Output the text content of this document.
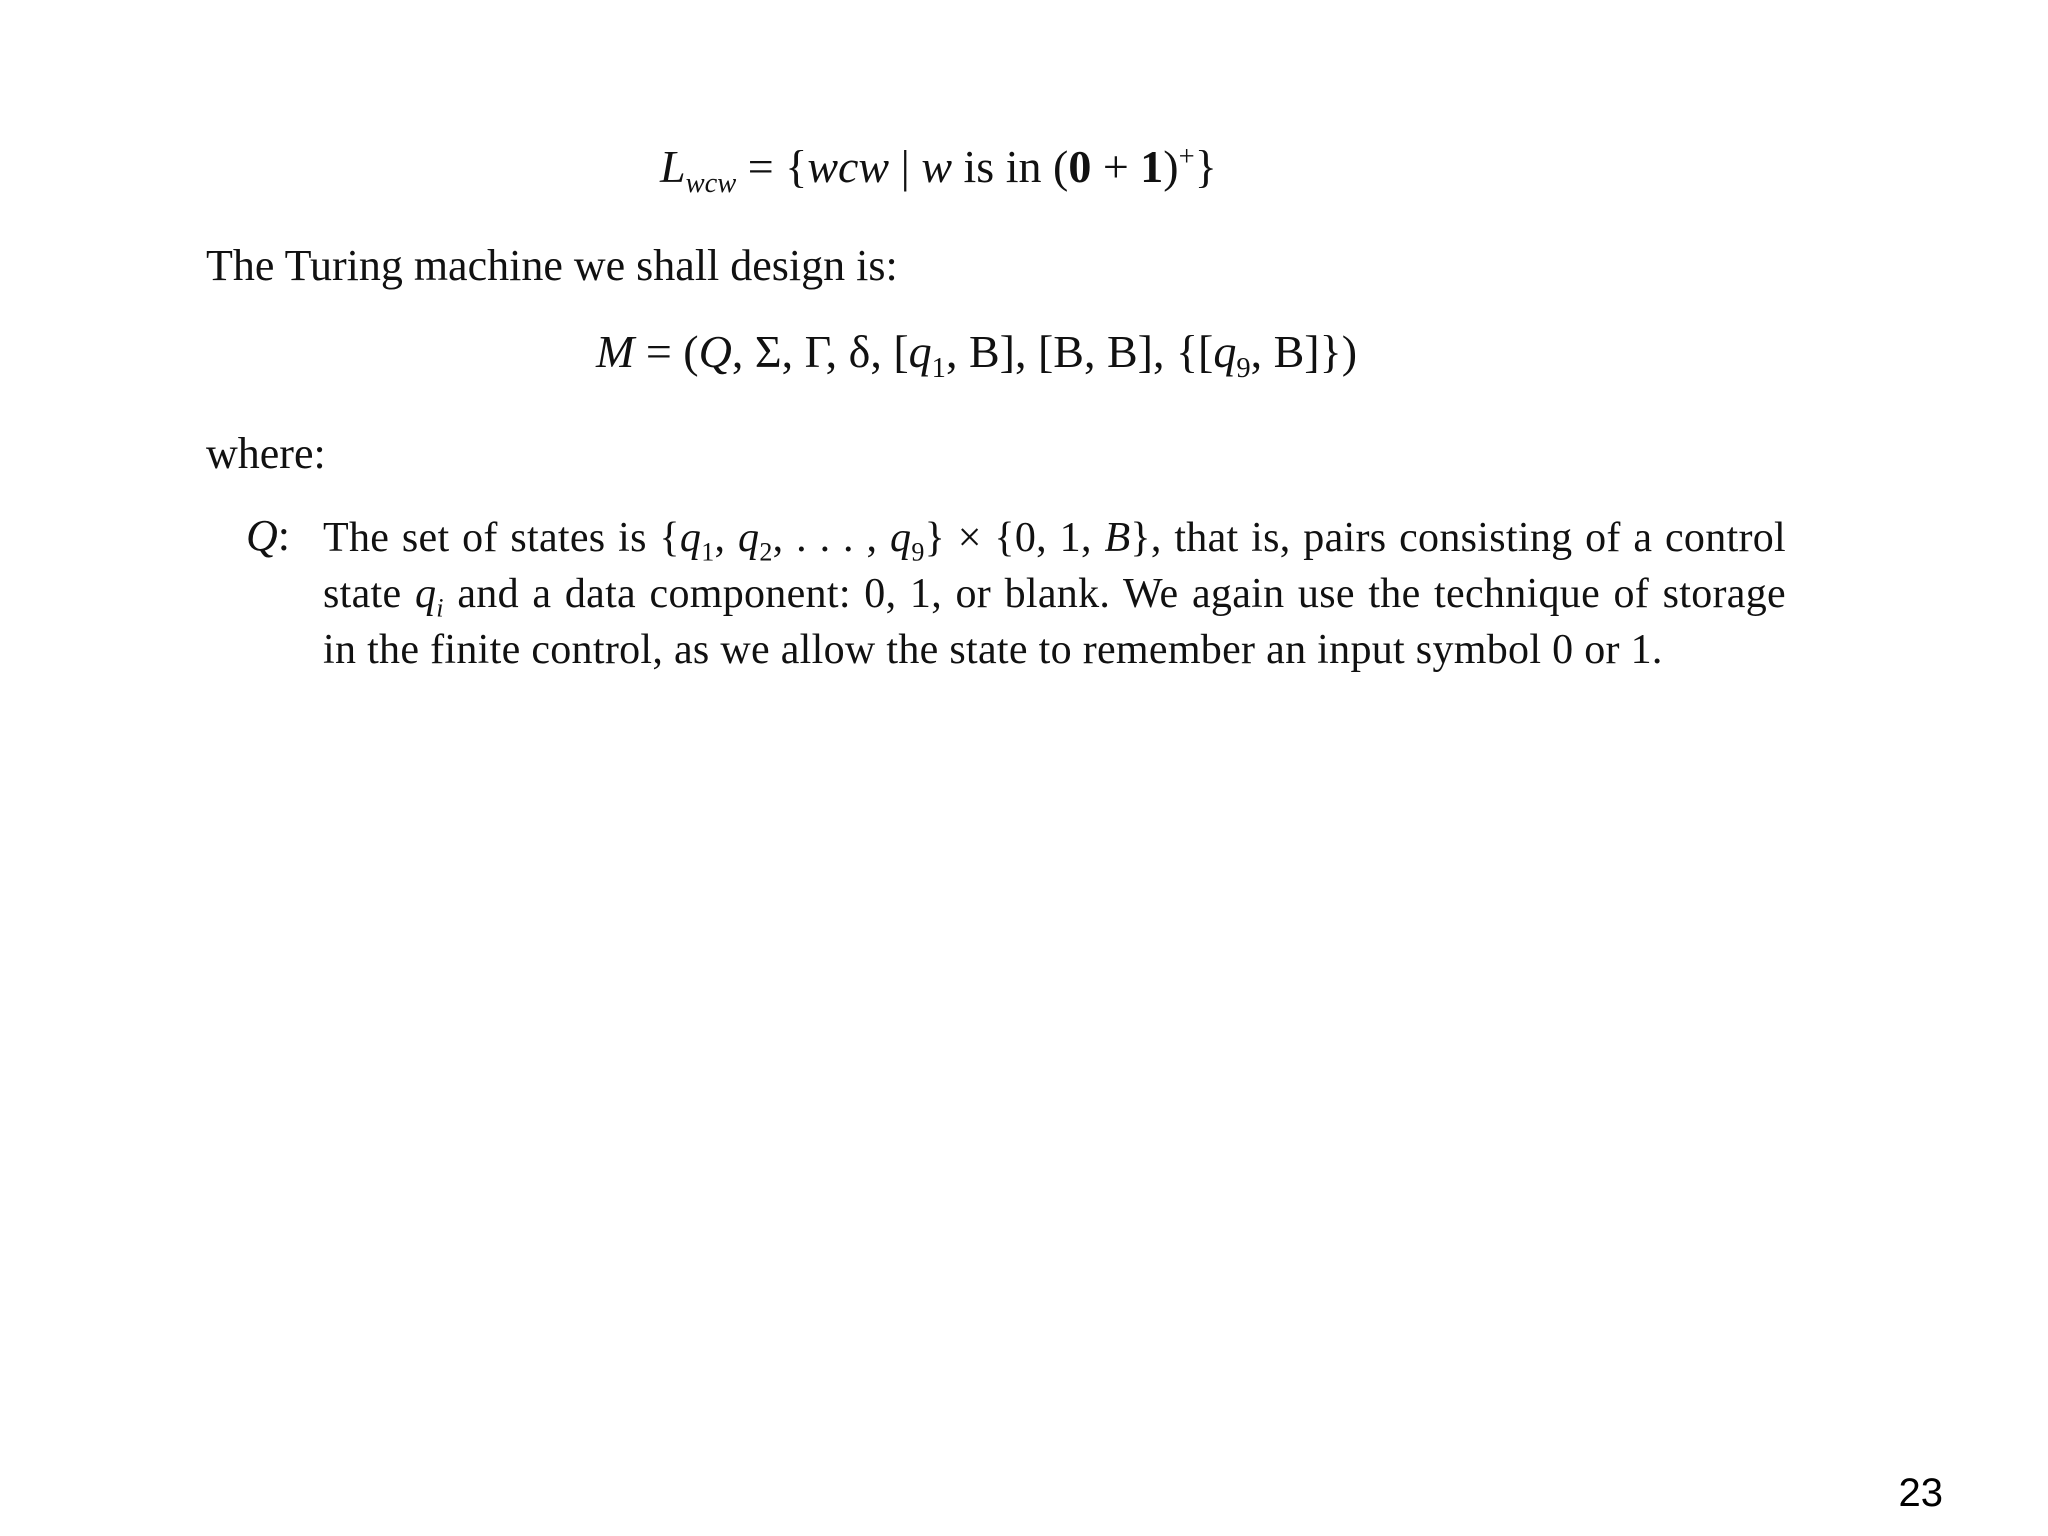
$L_{wcw} = \{wcw$ | w is in (0 + 1)+}
The Turing machine we shall design is:
M = (Q, Σ, Γ, δ, [$q_1$, B], [B, B], {[$q_9$, B]})
where:
Q: The set of states is {$q_1$, $q_2$, . . . , $q_9\} \times \{0$, 1, B}, that is, pairs consisting of a control state $q_i$ and a data component: 0, 1, or blank. We again use the technique of storage in the finite control, as we allow the state to remember an input symbol 0 or 1.
23
